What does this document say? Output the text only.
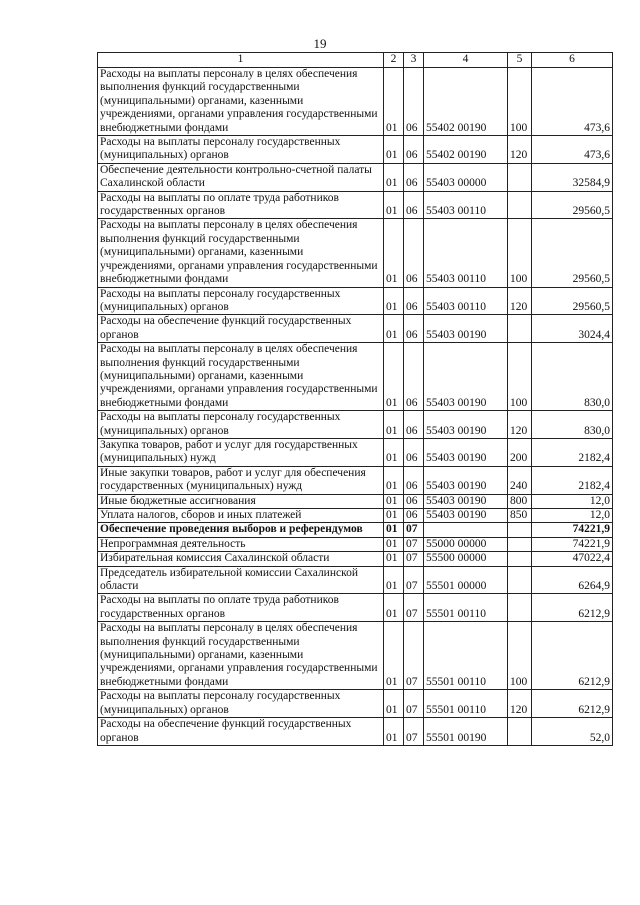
19
1	2	3	4	5	6
Расходы на выплаты персоналу в целях обеспечения выполнения функций государственными (муниципальными) органами, казенными учреждениями, органами управления государственными внебюджетными фондами	01	06	55402 00190	100	473,6
Расходы на выплаты персоналу государственных (муниципальных) органов	01	06	55402 00190	120	473,6
Обеспечение деятельности контрольно-счетной палаты Сахалинской области	01	06	55403 00000		32584,9
Расходы на выплаты по оплате труда работников государственных органов	01	06	55403 00110		29560,5
Расходы на выплаты персоналу в целях обеспечения выполнения функций государственными (муниципальными) органами, казенными учреждениями, органами управления государственными внебюджетными фондами	01	06	55403 00110	100	29560,5
Расходы на выплаты персоналу государственных (муниципальных) органов	01	06	55403 00110	120	29560,5
Расходы на обеспечение функций государственных органов	01	06	55403 00190		3024,4
Расходы на выплаты персоналу в целях обеспечения выполнения функций государственными (муниципальными) органами, казенными учреждениями, органами управления государственными внебюджетными фондами	01	06	55403 00190	100	830,0
Расходы на выплаты персоналу государственных (муниципальных) органов	01	06	55403 00190	120	830,0
Закупка товаров, работ и услуг для государственных (муниципальных) нужд	01	06	55403 00190	200	2182,4
Иные закупки товаров, работ и услуг для обеспечения государственных (муниципальных) нужд	01	06	55403 00190	240	2182,4
Иные бюджетные ассигнования	01	06	55403 00190	800	12,0
Уплата налогов, сборов и иных платежей	01	06	55403 00190	850	12,0
Обеспечение проведения выборов и референдумов	01	07			74221,9
Непрограммная деятельность	01	07	55000 00000		74221,9
Избирательная комиссия Сахалинской области	01	07	55500 00000		47022,4
Председатель избирательной комиссии Сахалинской области	01	07	55501 00000		6264,9
Расходы на выплаты по оплате труда работников государственных органов	01	07	55501 00110		6212,9
Расходы на выплаты персоналу в целях обеспечения выполнения функций государственными (муниципальными) органами, казенными учреждениями, органами управления государственными внебюджетными фондами	01	07	55501 00110	100	6212,9
Расходы на выплаты персоналу государственных (муниципальных) органов	01	07	55501 00110	120	6212,9
Расходы на обеспечение функций государственных органов	01	07	55501 00190		52,0
